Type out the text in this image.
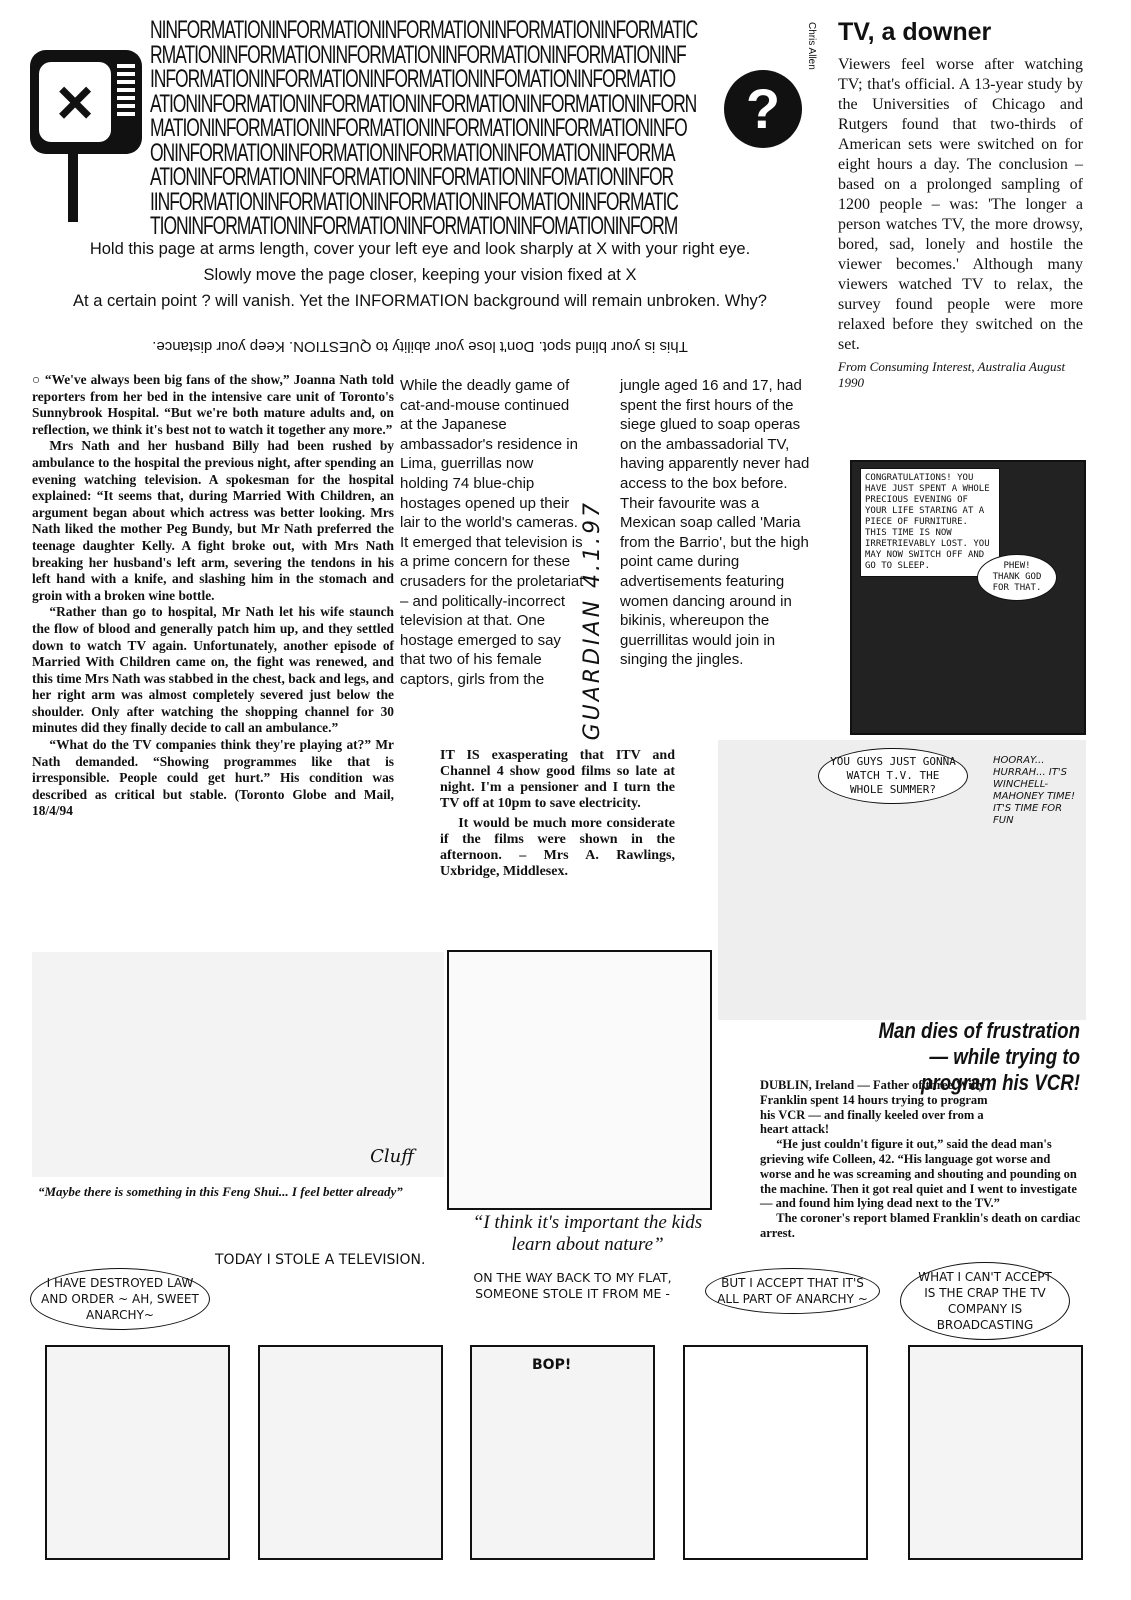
×
NINFORMATIONINFORMATIONINFORMATIONINFORMATIONINFORMATIC
RMATIONINFORMATIONINFORMATIONINFORMATIONINFORMATIONINF
INFORMATIONINFORMATIONINFORMATIONINFOMATIONINFORMATIO
ATIONINFORMATIONINFORMATIONINFORMATIONINFORMATIONINFORN
MATIONINFORMATIONINFORMATIONINFORMATIONINFORMATIONINFO
ONINFORMATIONINFORMATIONINFORMATIONINFOMATIONINFORMA
ATIONINFORMATIONINFORMATIONINFORMATIONINFOMATIONINFOR
IINFORMATIONINFORMATIONINFORMATIONINFOMATIONINFORMATIC
TIONINFORMATIONINFORMATIONINFORMATIONINFOMATIONINFORM
?
Chris Allen
Hold this page at arms length, cover your left eye and look sharply at X with your right eye.
Slowly move the page closer, keeping your vision fixed at X
At a certain point ? will vanish. Yet the INFORMATION background will remain unbroken. Why?
This is your blind spot. Don't lose your ability to QUESTION. Keep your distance.
TV, a downer
Viewers feel worse after watching TV; that's official. A 13-year study by the Universities of Chicago and Rutgers found that two-thirds of American sets were switched on for eight hours a day. The conclusion – based on a prolonged sampling of 1200 people – was: 'The longer a person watches TV, the more drowsy, bored, sad, lonely and hostile the viewer becomes.' Although many viewers watched TV to relax, the survey found people were more relaxed before they switched on the set.
From Consuming Interest, Australia August 1990
CONGRATULATIONS! YOU HAVE JUST SPENT A WHOLE PRECIOUS EVENING OF YOUR LIFE STARING AT A PIECE OF FURNITURE. THIS TIME IS NOW IRRETRIEVABLY LOST. YOU MAY NOW SWITCH OFF AND GO TO SLEEP.	PHEW! THANK GOD FOR THAT.

○ “We've always been big fans of the show,” Joanna Nath told reporters from her bed in the intensive care unit of Toronto's Sunnybrook Hospital. “But we're both mature adults and, on reflection, we think it's best not to watch it together any more.”

Mrs Nath and her husband Billy had been rushed by ambulance to the hospital the previous night, after spending an evening watching television. A spokesman for the hospital explained: “It seems that, during Married With Children, an argument began about which actress was better looking. Mrs Nath liked the mother Peg Bundy, but Mr Nath preferred the teenage daughter Kelly. A fight broke out, with Mrs Nath breaking her husband's left arm, severing the tendons in his left hand with a knife, and slashing him in the stomach and groin with a broken wine bottle.

“Rather than go to hospital, Mr Nath let his wife staunch the flow of blood and generally patch him up, and they settled down to watch TV again. Unfortunately, another episode of Married With Children came on, the fight was renewed, and this time Mrs Nath was stabbed in the chest, back and legs, and her right arm was almost completely severed just below the shoulder. Only after watching the shopping channel for 30 minutes did they finally decide to call an ambulance.”

“What do the TV companies think they're playing at?” Mr Nath demanded. “Showing programmes like that is irresponsible. People could get hurt.” His condition was described as critical but stable. (Toronto Globe and Mail, 18/4/94

While the deadly game of cat-and-mouse continued at the Japanese ambassador's residence in Lima, guerrillas now holding 74 blue-chip hostages opened up their lair to the world's cameras. It emerged that television is a prime concern for these crusaders for the proletariat – and politically-incorrect television at that. One hostage emerged to say that two of his female captors, girls from the
jungle aged 16 and 17, had spent the first hours of the siege glued to soap operas on the ambassadorial TV, having apparently never had access to the box before. Their favourite was a Mexican soap called 'Maria from the Barrio', but the high point came during advertisements featuring women dancing around in bikinis, whereupon the guerrillitas would join in singing the jingles.
GUARDIAN 4.1.97

IT IS exasperating that ITV and Channel 4 show good films so late at night. I'm a pensioner and I turn the TV off at 10pm to save electricity.

It would be much more considerate if the films were shown in the afternoon. – Mrs A. Rawlings, Uxbridge, Middlesex.

YOU GUYS JUST GONNA WATCH T.V. THE WHOLE SUMMER?
HOORAY... HURRAH... IT'S WINCHELL-MAHONEY TIME! IT'S TIME FOR FUN
Man dies of frustration — while trying to program his VCR!

DUBLIN, Ireland — Father of three Willy Franklin spent 14 hours trying to program his VCR — and finally keeled over from a heart attack!

“He just couldn't figure it out,” said the dead man's grieving wife Colleen, 42. “His language got worse and worse and he was screaming and shouting and pounding on the machine. Then it got real quiet and I went to investigate — and found him lying dead next to the TV.”

The coroner's report blamed Franklin's death on cardiac arrest.

Cluff
“Maybe there is something in this Feng Shui... I feel better already”
“I think it's important the kids learn about nature”
TODAY I STOLE A TELEVISION.
BOP!
I HAVE DESTROYED LAW AND ORDER ~ AH, SWEET ANARCHY~
ON THE WAY BACK TO MY FLAT, SOMEONE STOLE IT FROM ME -
BUT I ACCEPT THAT IT'S ALL PART OF ANARCHY ~
WHAT I CAN'T ACCEPT IS THE CRAP THE TV COMPANY IS BROADCASTING
